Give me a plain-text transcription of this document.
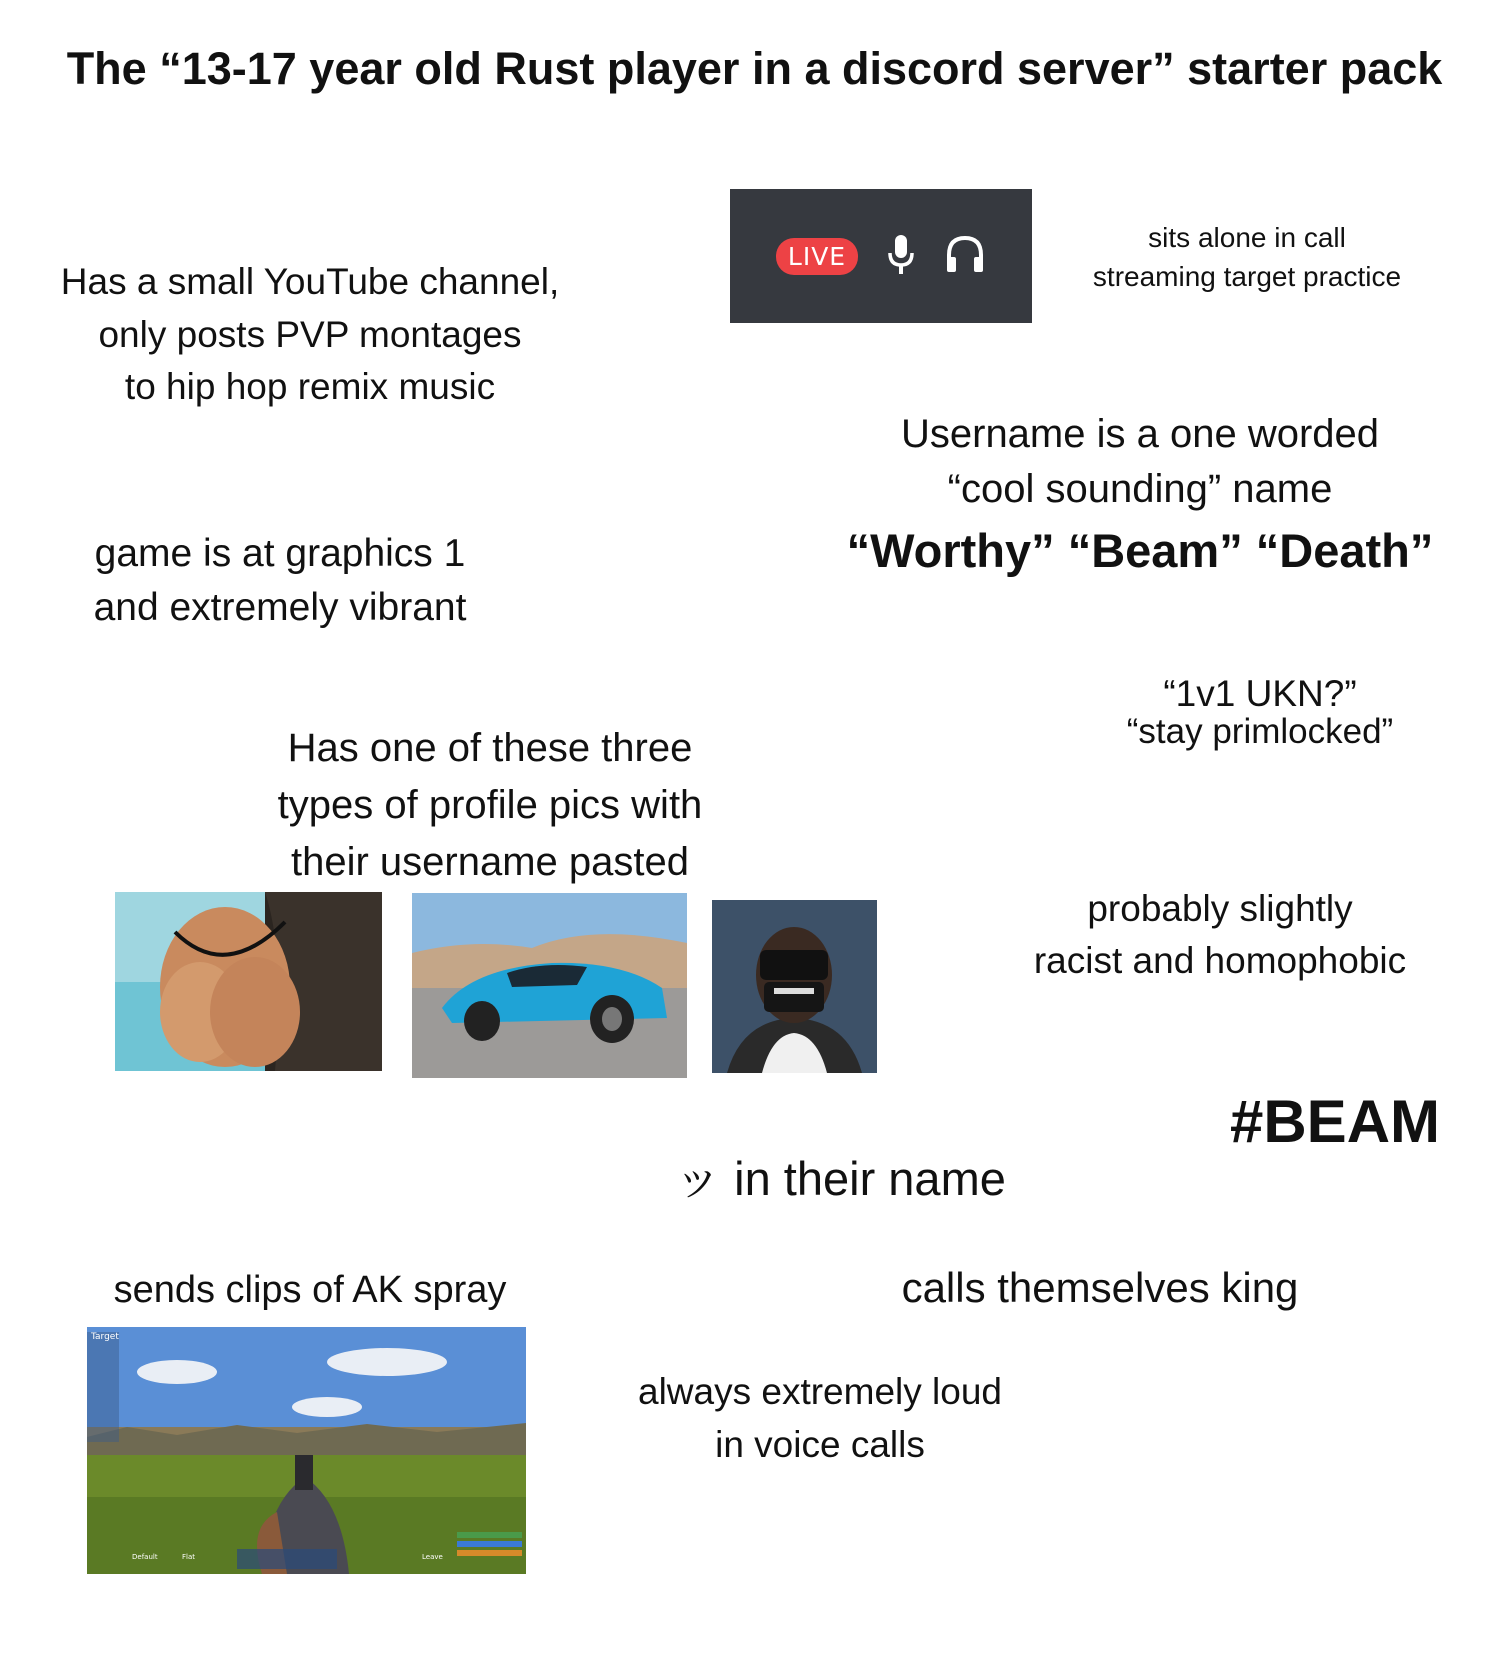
The “13-17 year old Rust player in a discord server” starter pack
Has a small YouTube channel,
only posts PVP montages
to hip hop remix music
LIVE
sits alone in call
streaming target practice
Username is a one worded
“cool sounding” name
“Worthy” “Beam” “Death”
game is at graphics 1
and extremely vibrant
“1v1 UKN?”
“stay primlocked”
Has one of these three
types of profile pics with
their username pasted
probably slightly
racist and homophobic
#BEAM
ッ in their name
sends clips of AK spray	calls themselves king
always extremely loud
in voice calls
Target
Default	Flat	Leave
